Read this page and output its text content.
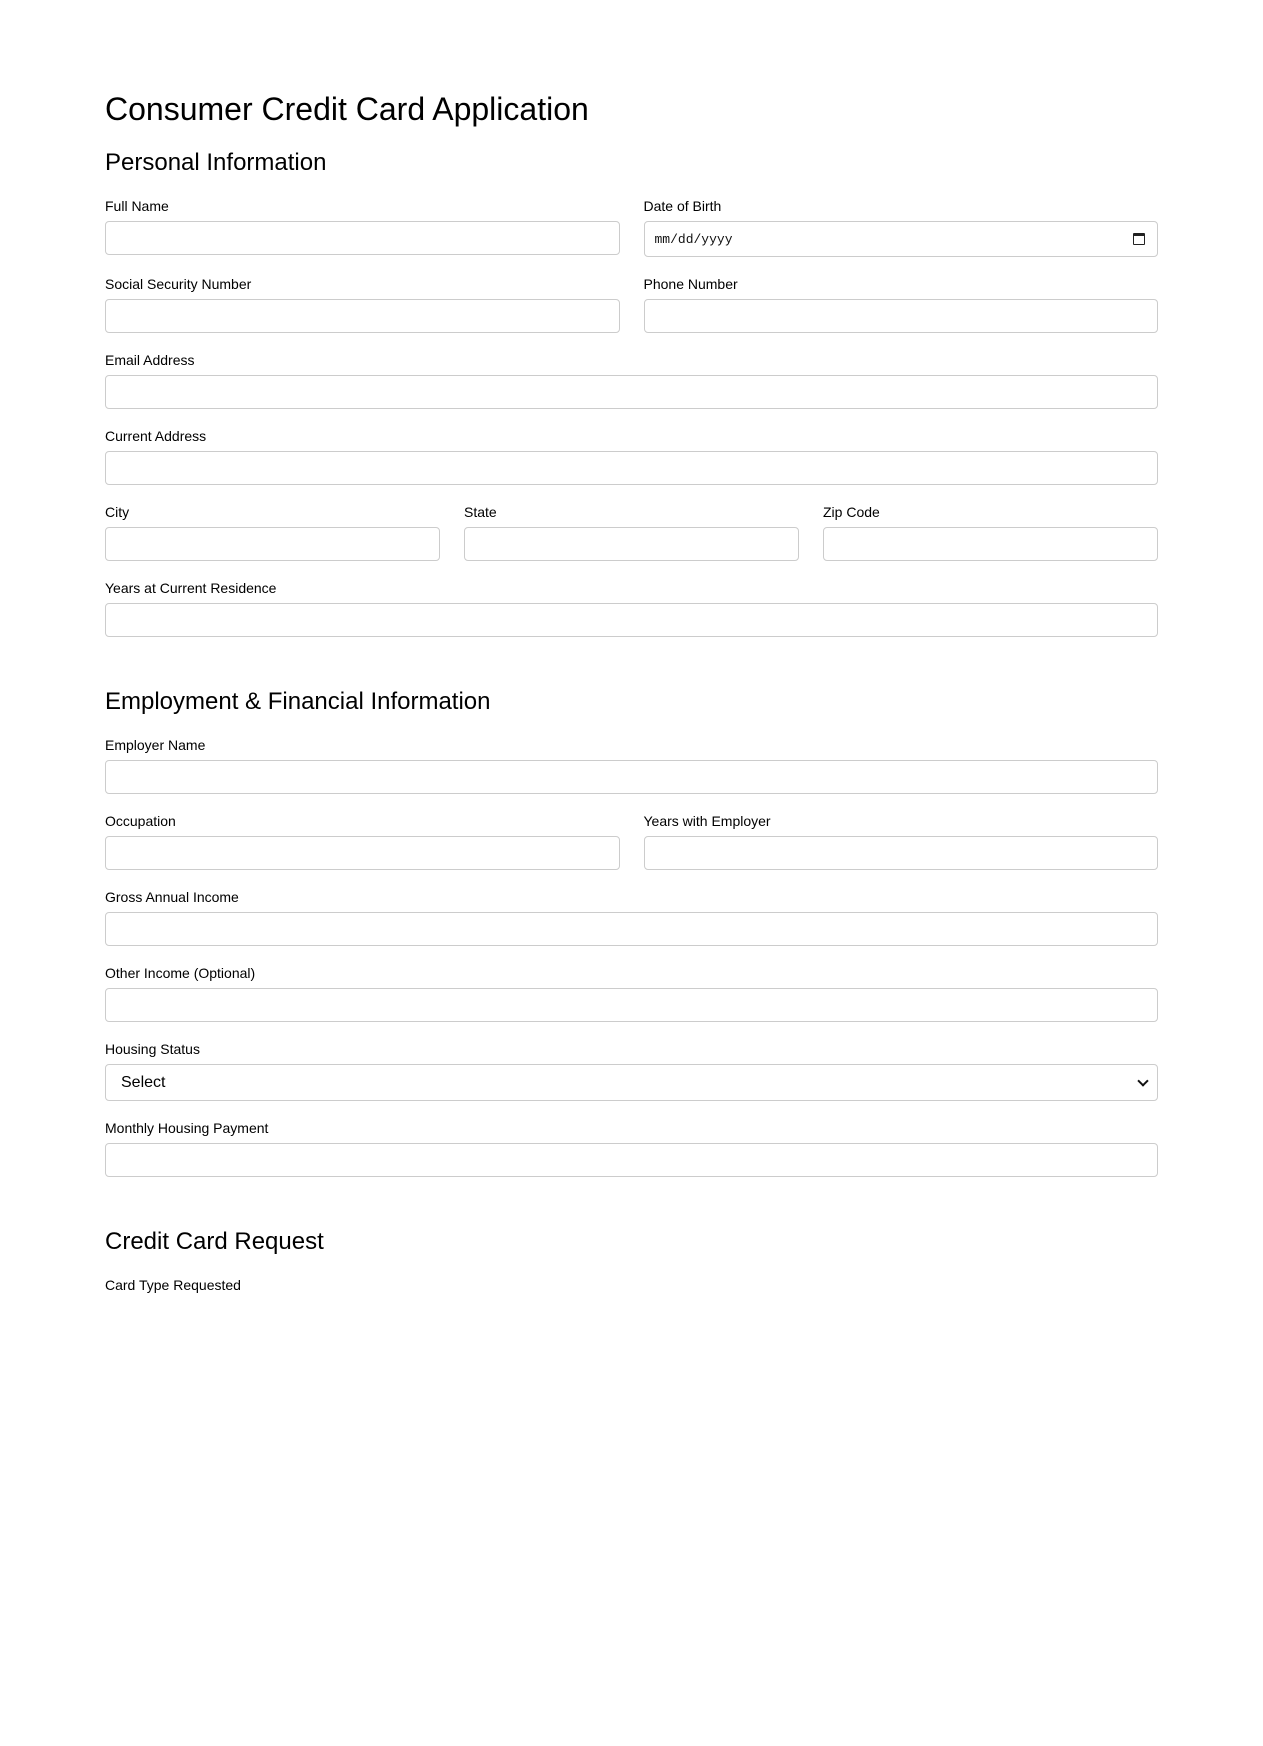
Consumer Credit Card Application
Personal Information
Full Name	Date of Birth
mm/dd/yyyy
Social Security Number	Phone Number
Email Address
Current Address
City	State	Zip Code
Years at Current Residence
Employment & Financial Information
Employer Name
Occupation	Years with Employer
Gross Annual Income
Other Income (Optional)
Housing Status
Select
Monthly Housing Payment
Credit Card Request
Card Type Requested
